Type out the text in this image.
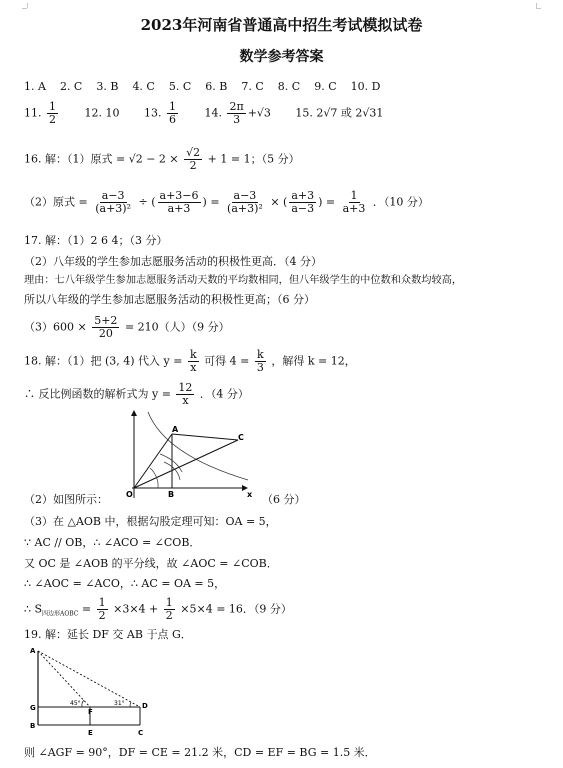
2023年河南省普通高中招生考试模拟试卷
数学参考答案
1. A 2. C 3. B 4. C 5. C 6. B 7. C 8. C 9. C 10. D
11. $\frac{1}{2} 12$. 10 13. $\frac{1}{6} 14$. $\frac{2\pi}{3} +√3$ 15. 2√7 或 2√31
16. 解：（1）原式 = $√2 - 2 \times \frac{√2}{2} + 1 = 1$；（5 分）
（2）原式 = $\frac{a-3}{\text{(a+3)²}}$ ÷ ( $\frac{a+3-6}{a+3}$ ) = $\frac{a-3}{\text{(a+3)²}}$ × ( $\frac{a+3}{a-3}$ ) = $\frac{1}{a+3}$ ．（10 分）
17. 解：（1）2 6 4；（3 分）
（2）八年级的学生参加志愿服务活动的积极性更高．（4 分）
理由：七八年级学生参加志愿服务活动天数的平均数相同，但八年级学生的中位数和众数均较高，
所以八年级的学生参加志愿服务活动的积极性更高；（6 分）
$(3)600 \times \frac{5+2}{20} = 210$（人）（9 分）
18. 解：（1）把 (3, 4) 代入 $y = \frac{k}{x}$ 可得 $4 = \frac{k}{3}$ ，解得 k = 12，
∴ 反比例函数的解析式为 $y = \frac{12}{x}$ ．（4 分）
A
C
O	B	x
（2）如图所示：	（6 分）
（3）在 △AOB 中，根据勾股定理可知：OA = 5，
∵ AC // OB，∴ ∠ACO = ∠COB．
又 OC 是 ∠AOB 的平分线，故 ∠AOC = ∠COB．
∴ ∠AOC = ∠ACO，∴ AC = OA = 5，
∴ $S_{四边形AOBC} = \frac{1}{2} \times 3\times 4 + \frac{1}{2} \times 5\times 4 = 16$．（9 分）
19. 解：延长 DF 交 AB 于点 G．
A
G
B
E
F
D
C
45°	31°
则 ∠AGF = 90°，DF = CE = 21.2 米，CD = EF = BG = 1.5 米．
